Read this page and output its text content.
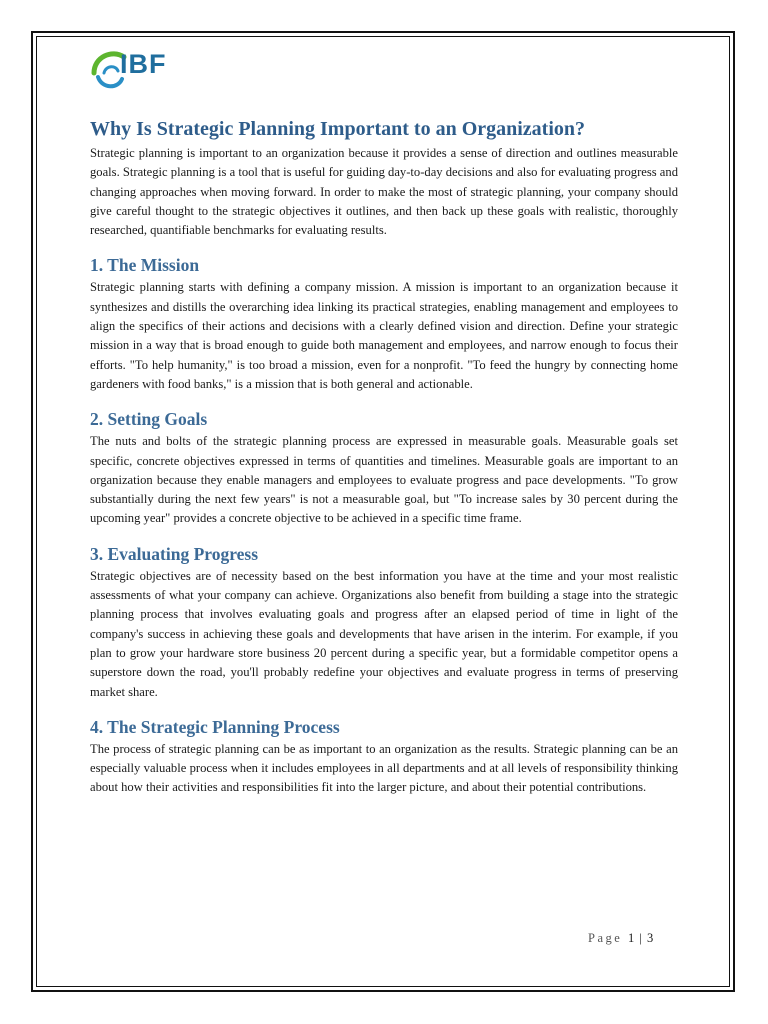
IBF
Why Is Strategic Planning Important to an Organization?

Strategic planning is important to an organization because it provides a sense of direction and outlines measurable goals. Strategic planning is a tool that is useful for guiding day-to-day decisions and also for evaluating progress and changing approaches when moving forward. In order to make the most of strategic planning, your company should give careful thought to the strategic objectives it outlines, and then back up these goals with realistic, thoroughly researched, quantifiable benchmarks for evaluating results.

1. The Mission

Strategic planning starts with defining a company mission. A mission is important to an organization because it synthesizes and distills the overarching idea linking its practical strategies, enabling management and employees to align the specifics of their actions and decisions with a clearly defined vision and direction. Define your strategic mission in a way that is broad enough to guide both management and employees, and narrow enough to focus their efforts. "To help humanity," is too broad a mission, even for a nonprofit. "To feed the hungry by connecting home gardeners with food banks," is a mission that is both general and actionable.

2. Setting Goals

The nuts and bolts of the strategic planning process are expressed in measurable goals. Measurable goals set specific, concrete objectives expressed in terms of quantities and timelines. Measurable goals are important to an organization because they enable managers and employees to evaluate progress and pace developments. "To grow substantially during the next few years" is not a measurable goal, but "To increase sales by 30 percent during the upcoming year" provides a concrete objective to be achieved in a specific time frame.

3. Evaluating Progress

Strategic objectives are of necessity based on the best information you have at the time and your most realistic assessments of what your company can achieve. Organizations also benefit from building a stage into the strategic planning process that involves evaluating goals and progress after an elapsed period of time in light of the company's success in achieving these goals and developments that have arisen in the interim. For example, if you plan to grow your hardware store business 20 percent during a specific year, but a formidable competitor opens a superstore down the road, you'll probably redefine your objectives and evaluate progress in terms of preserving market share.

4. The Strategic Planning Process

The process of strategic planning can be as important to an organization as the results. Strategic planning can be an especially valuable process when it includes employees in all departments and at all levels of responsibility thinking about how their activities and responsibilities fit into the larger picture, and about their potential contributions.

Page 1 | 3
